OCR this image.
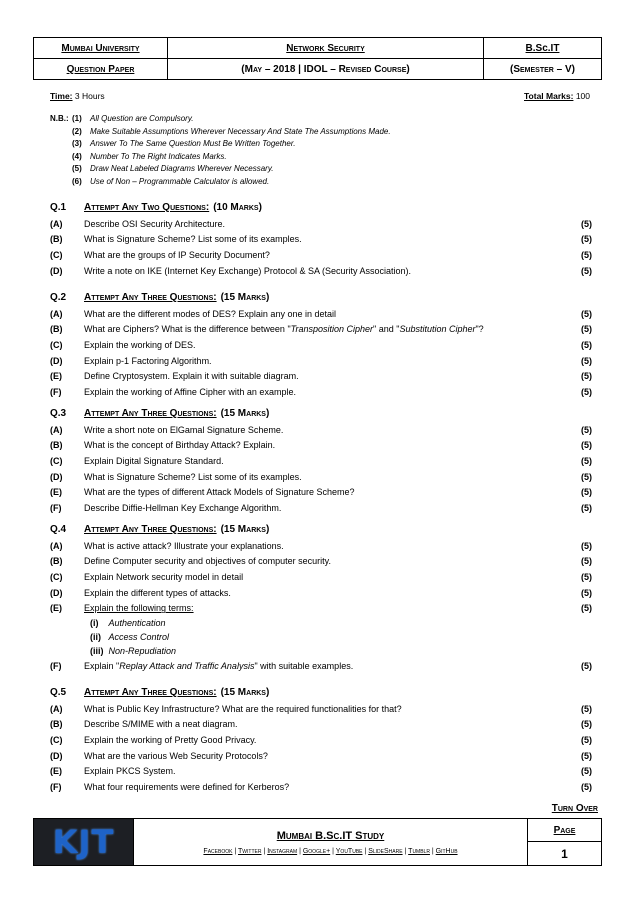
Mumbai University	Network Security	B.Sc.IT
Question Paper	(May – 2018 | IDOL – Revised Course)	(Semester – V)
Time: 3 Hours	Total Marks: 100
N.B.: (1)	All Question are Compulsory.
(2)	Make Suitable Assumptions Wherever Necessary And State The Assumptions Made.
(3)	Answer To The Same Question Must Be Written Together.
(4)	Number To The Right Indicates Marks.
(5)	Draw Neat Labeled Diagrams Wherever Necessary.
(6)	Use of Non – Programmable Calculator is allowed.
Q.1	Attempt Any Two Questions: (10 Marks)
(A)	Describe OSI Security Architecture.	(5)
(B)	What is Signature Scheme? List some of its examples.	(5)
(C)	What are the groups of IP Security Document?	(5)
(D)	Write a note on IKE (Internet Key Exchange) Protocol & SA (Security Association).	(5)
Q.2	Attempt Any Three Questions: (15 Marks)
(A)	What are the different modes of DES? Explain any one in detail	(5)
(B)	What are Ciphers? What is the difference between "Transposition Cipher" and "Substitution Cipher"?	(5)
(C)	Explain the working of DES.	(5)
(D)	Explain p-1 Factoring Algorithm.	(5)
(E)	Define Cryptosystem. Explain it with suitable diagram.	(5)
(F)	Explain the working of Affine Cipher with an example.	(5)
Q.3	Attempt Any Three Questions: (15 Marks)
(A)	Write a short note on ElGamal Signature Scheme.	(5)
(B)	What is the concept of Birthday Attack? Explain.	(5)
(C)	Explain Digital Signature Standard.	(5)
(D)	What is Signature Scheme? List some of its examples.	(5)
(E)	What are the types of different Attack Models of Signature Scheme?	(5)
(F)	Describe Diffie-Hellman Key Exchange Algorithm.	(5)
Q.4	Attempt Any Three Questions: (15 Marks)
(A)	What is active attack? Illustrate your explanations.	(5)
(B)	Define Computer security and objectives of computer security.	(5)
(C)	Explain Network security model in detail	(5)
(D)	Explain the different types of attacks.	(5)
(E)	Explain the following terms:	(5)
(i)
	Authentication
(ii)
Access Control
(iii)
Non-Repudiation
(F)	Explain "Replay Attack and Traffic Analysis" with suitable examples.	(5)
Q.5	Attempt Any Three Questions: (15 Marks)
(A)	What is Public Key Infrastructure? What are the required functionalities for that?	(5)
(B)	Describe S/MIME with a neat diagram.	(5)
(C)	Explain the working of Pretty Good Privacy.	(5)
(D)	What are the various Web Security Protocols?	(5)
(E)	Explain PKCS System.	(5)
(F)	What four requirements were defined for Kerberos?	(5)
Turn Over
KJT	Mumbai B.Sc.IT Study
Facebook | Twitter | Instagram | Google+ | YouTube | SlideShare | Tumblr | GitHub
Page
1
